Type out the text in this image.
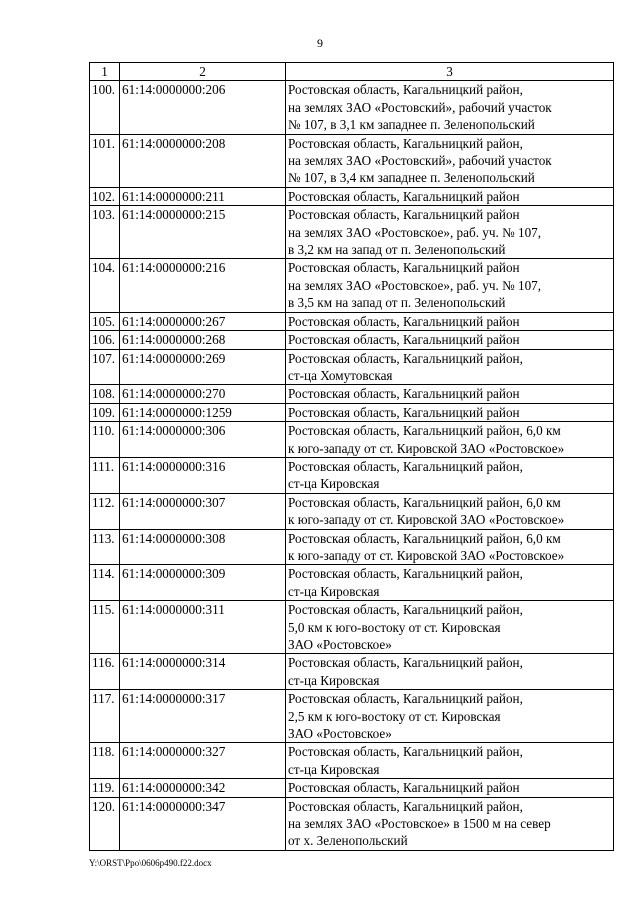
9
1	2	3
100.	61:14:0000000:206	Ростовская область, Кагальницкий район,
на землях ЗАО «Ростовский», рабочий участок
№ 107, в 3,1 км западнее п. Зеленопольский

101.	61:14:0000000:208	Ростовская область, Кагальницкий район,
на землях ЗАО «Ростовский», рабочий участок
№ 107, в 3,4 км западнее п. Зеленопольский

102.	61:14:0000000:211	Ростовская область, Кагальницкий район

103.	61:14:0000000:215	Ростовская область, Кагальницкий район
на землях ЗАО «Ростовское», раб. уч. № 107,
в 3,2 км на запад от п. Зеленопольский

104.	61:14:0000000:216	Ростовская область, Кагальницкий район
на землях ЗАО «Ростовское», раб. уч. № 107,
в 3,5 км на запад от п. Зеленопольский

105.	61:14:0000000:267	Ростовская область, Кагальницкий район

106.	61:14:0000000:268	Ростовская область, Кагальницкий район

107.	61:14:0000000:269	Ростовская область, Кагальницкий район,
ст-ца Хомутовская

108.	61:14:0000000:270	Ростовская область, Кагальницкий район

109.	61:14:0000000:1259	Ростовская область, Кагальницкий район

110.	61:14:0000000:306	Ростовская область, Кагальницкий район, 6,0 км
к юго-западу от ст. Кировской ЗАО «Ростовское»

111.	61:14:0000000:316	Ростовская область, Кагальницкий район,
ст-ца Кировская

112.	61:14:0000000:307	Ростовская область, Кагальницкий район, 6,0 км
к юго-западу от ст. Кировской ЗАО «Ростовское»

113.	61:14:0000000:308	Ростовская область, Кагальницкий район, 6,0 км
к юго-западу от ст. Кировской ЗАО «Ростовское»

114.	61:14:0000000:309	Ростовская область, Кагальницкий район,
ст-ца Кировская

115.	61:14:0000000:311	Ростовская область, Кагальницкий район,
5,0 км к юго-востоку от ст. Кировская
ЗАО «Ростовское»

116.	61:14:0000000:314	Ростовская область, Кагальницкий район,
ст-ца Кировская

117.	61:14:0000000:317	Ростовская область, Кагальницкий район,
2,5 км к юго-востоку от ст. Кировская
ЗАО «Ростовское»

118.	61:14:0000000:327	Ростовская область, Кагальницкий район,
ст-ца Кировская

119.	61:14:0000000:342	Ростовская область, Кагальницкий район

120.	61:14:0000000:347	Ростовская область, Кагальницкий район,
на землях ЗАО «Ростовское» в 1500 м на север
от х. Зеленопольский
Y:\ORST\Ppo\0606p490.f22.docx
